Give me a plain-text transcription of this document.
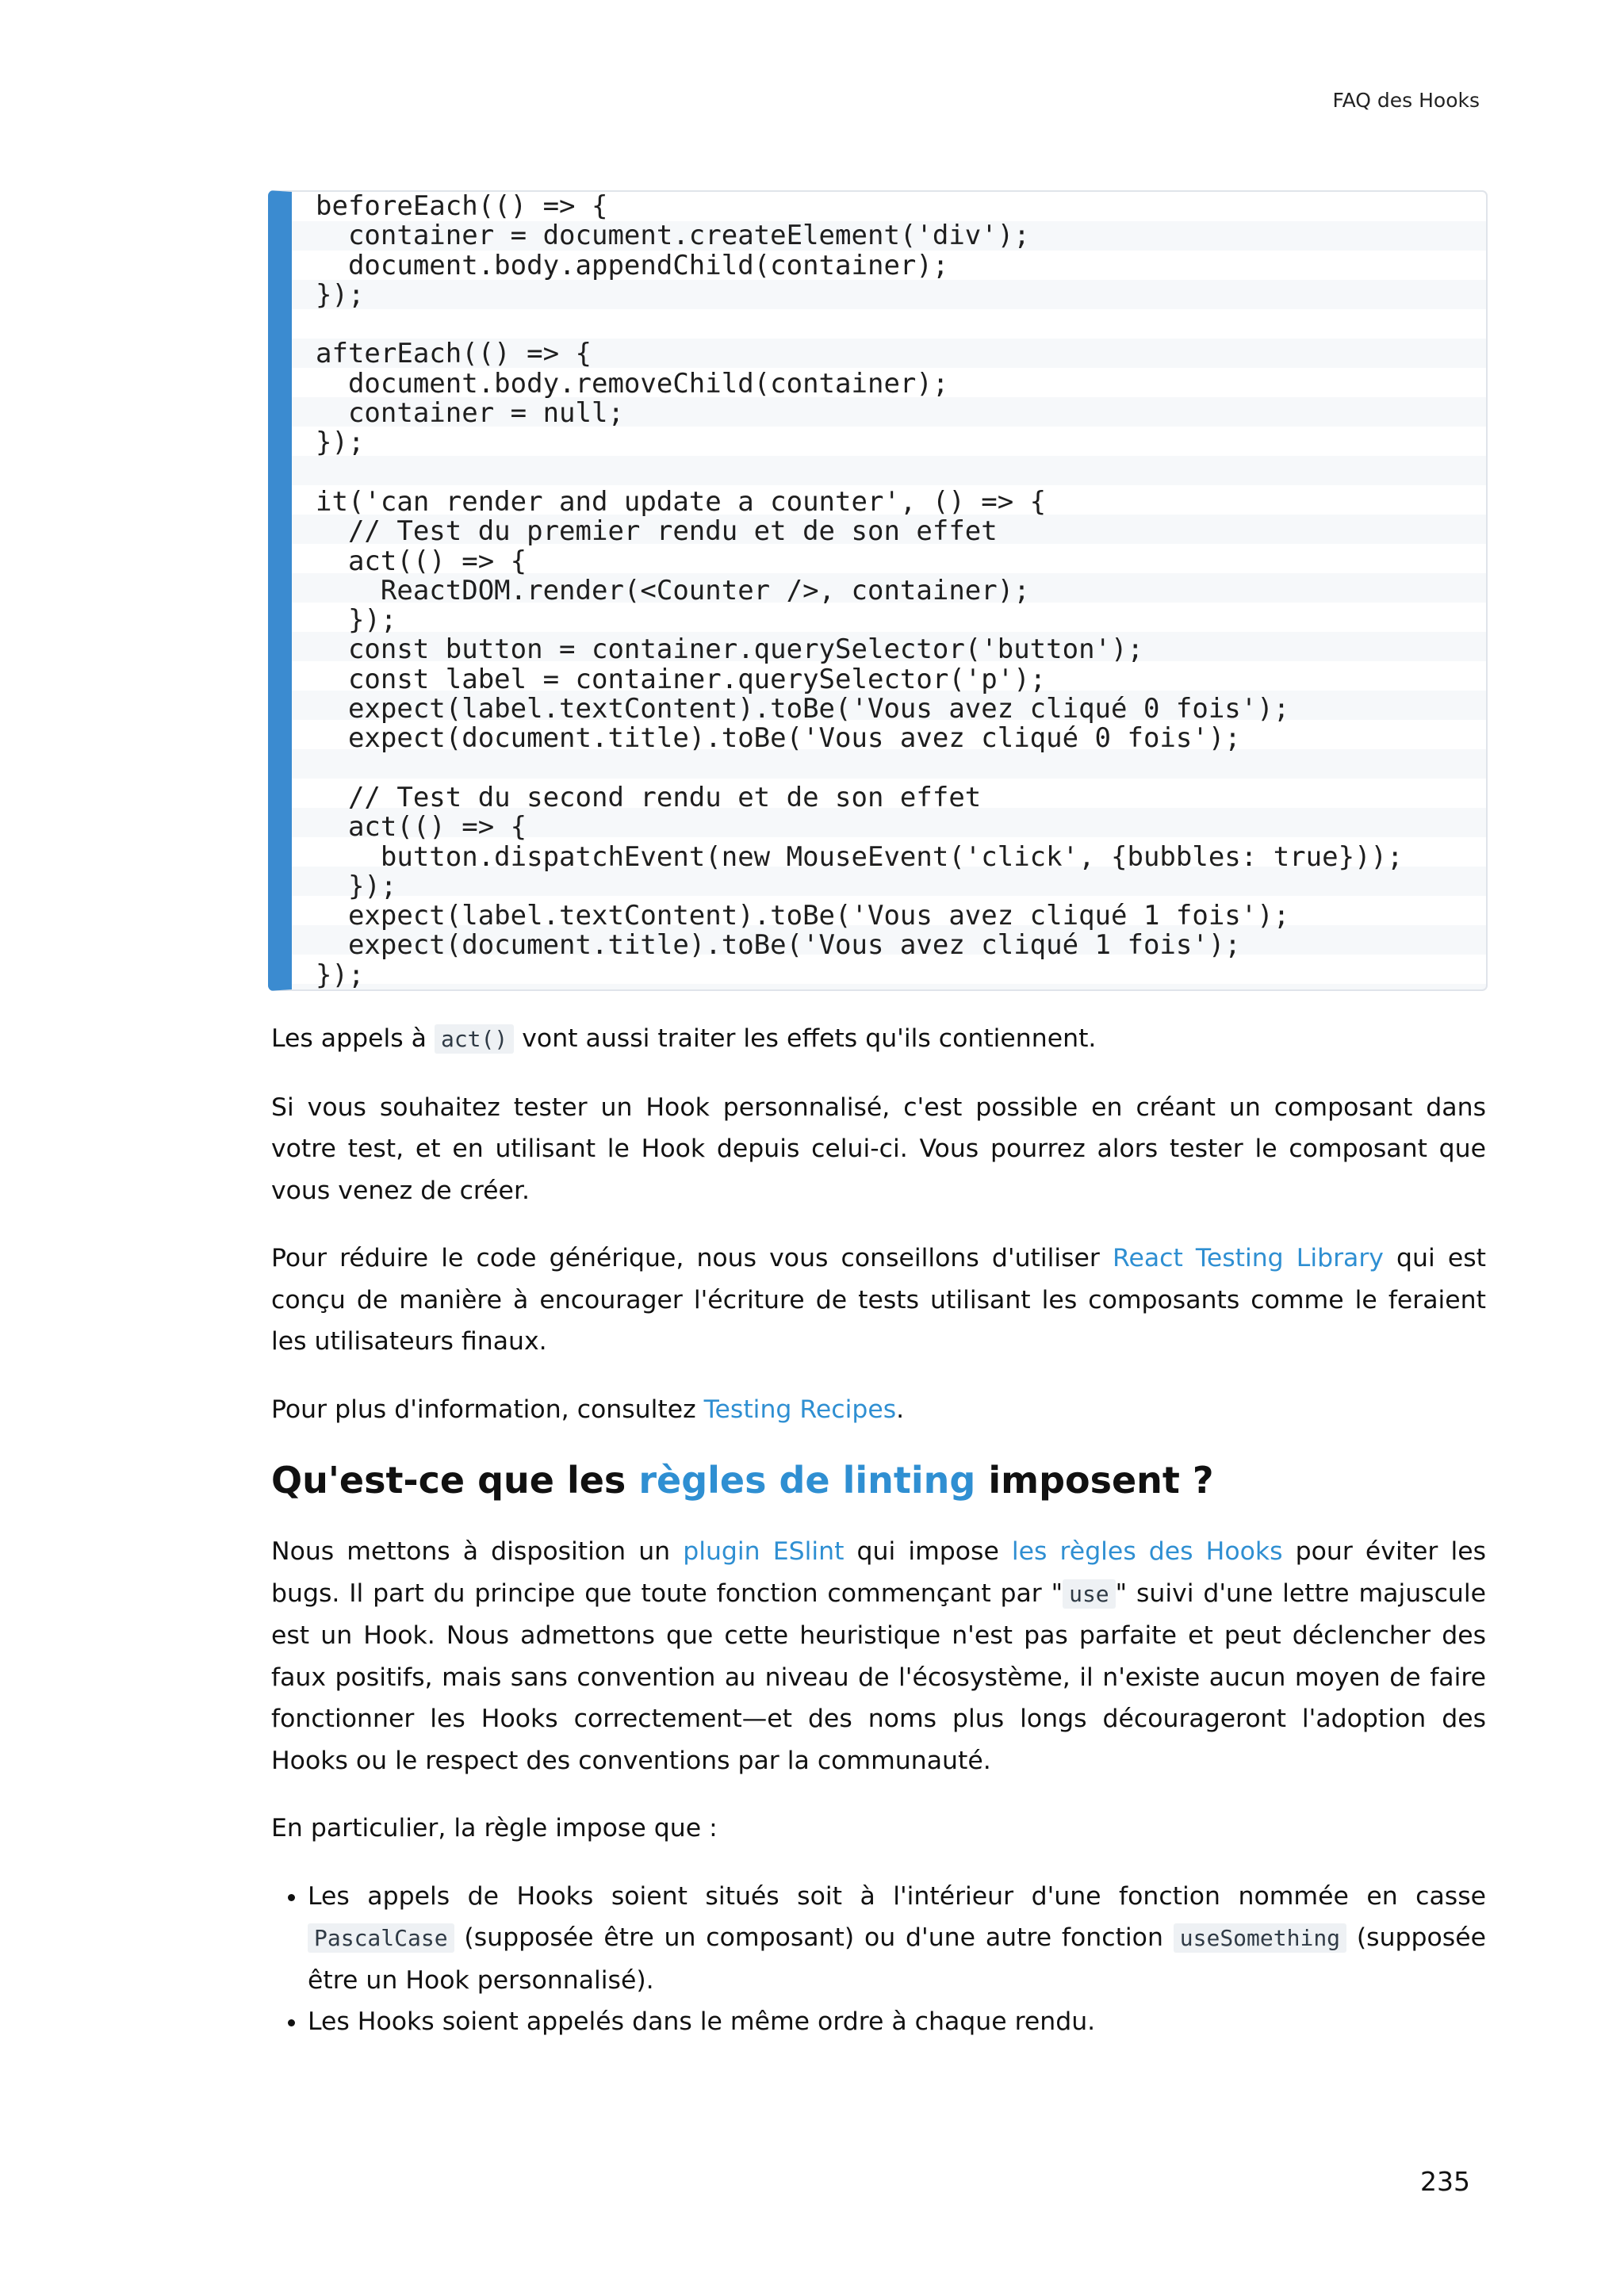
FAQ des Hooks
beforeEach(() => {
container = document.createElement('div');
document.body.appendChild(container);
});

afterEach(() => {
document.body.removeChild(container);
container = null;
});

it('can render and update a counter', () => {
// Test du premier rendu et de son effet
act(() => {
ReactDOM.render(<Counter />, container);
});
const button = container.querySelector('button');
const label = container.querySelector('p');
expect(label.textContent).toBe('Vous avez cliqué 0 fois');
expect(document.title).toBe('Vous avez cliqué 0 fois');

// Test du second rendu et de son effet
act(() => {
button.dispatchEvent(new MouseEvent('click', {bubbles: true}));
});
expect(label.textContent).toBe('Vous avez cliqué 1 fois');
expect(document.title).toBe('Vous avez cliqué 1 fois');
});

Les appels à act() vont aussi traiter les effets qu'ils contiennent.

Si vous souhaitez tester un Hook personnalisé, c'est possible en créant un composant dans votre test, et en utilisant le Hook depuis celui-ci. Vous pourrez alors tester le composant que vous venez de créer.

Pour réduire le code générique, nous vous conseillons d'utiliser React Testing Library qui est conçu de manière à encourager l'écriture de tests utilisant les composants comme le feraient les utilisateurs finaux.

Pour plus d'information, consultez Testing Recipes.

Qu'est-ce que les règles de linting imposent ?

Nous mettons à disposition un plugin ESlint qui impose les règles des Hooks pour éviter les bugs. Il part du principe que toute fonction commençant par " use " suivi d'une lettre majuscule est un Hook. Nous admettons que cette heuristique n'est pas parfaite et peut déclencher des faux positifs, mais sans convention au niveau de l'écosystème, il n'existe aucun moyen de faire fonctionner les Hooks correctement—et des noms plus longs décourageront l'adoption des Hooks ou le respect des conventions par la communauté.

En particulier, la règle impose que :

• Les appels de Hooks soient situés soit à l'intérieur d'une fonction nommée en casse PascalCase (supposée être un composant) ou d'une autre fonction useSomething (supposée être un Hook personnalisé).
• Les Hooks soient appelés dans le même ordre à chaque rendu.
235
